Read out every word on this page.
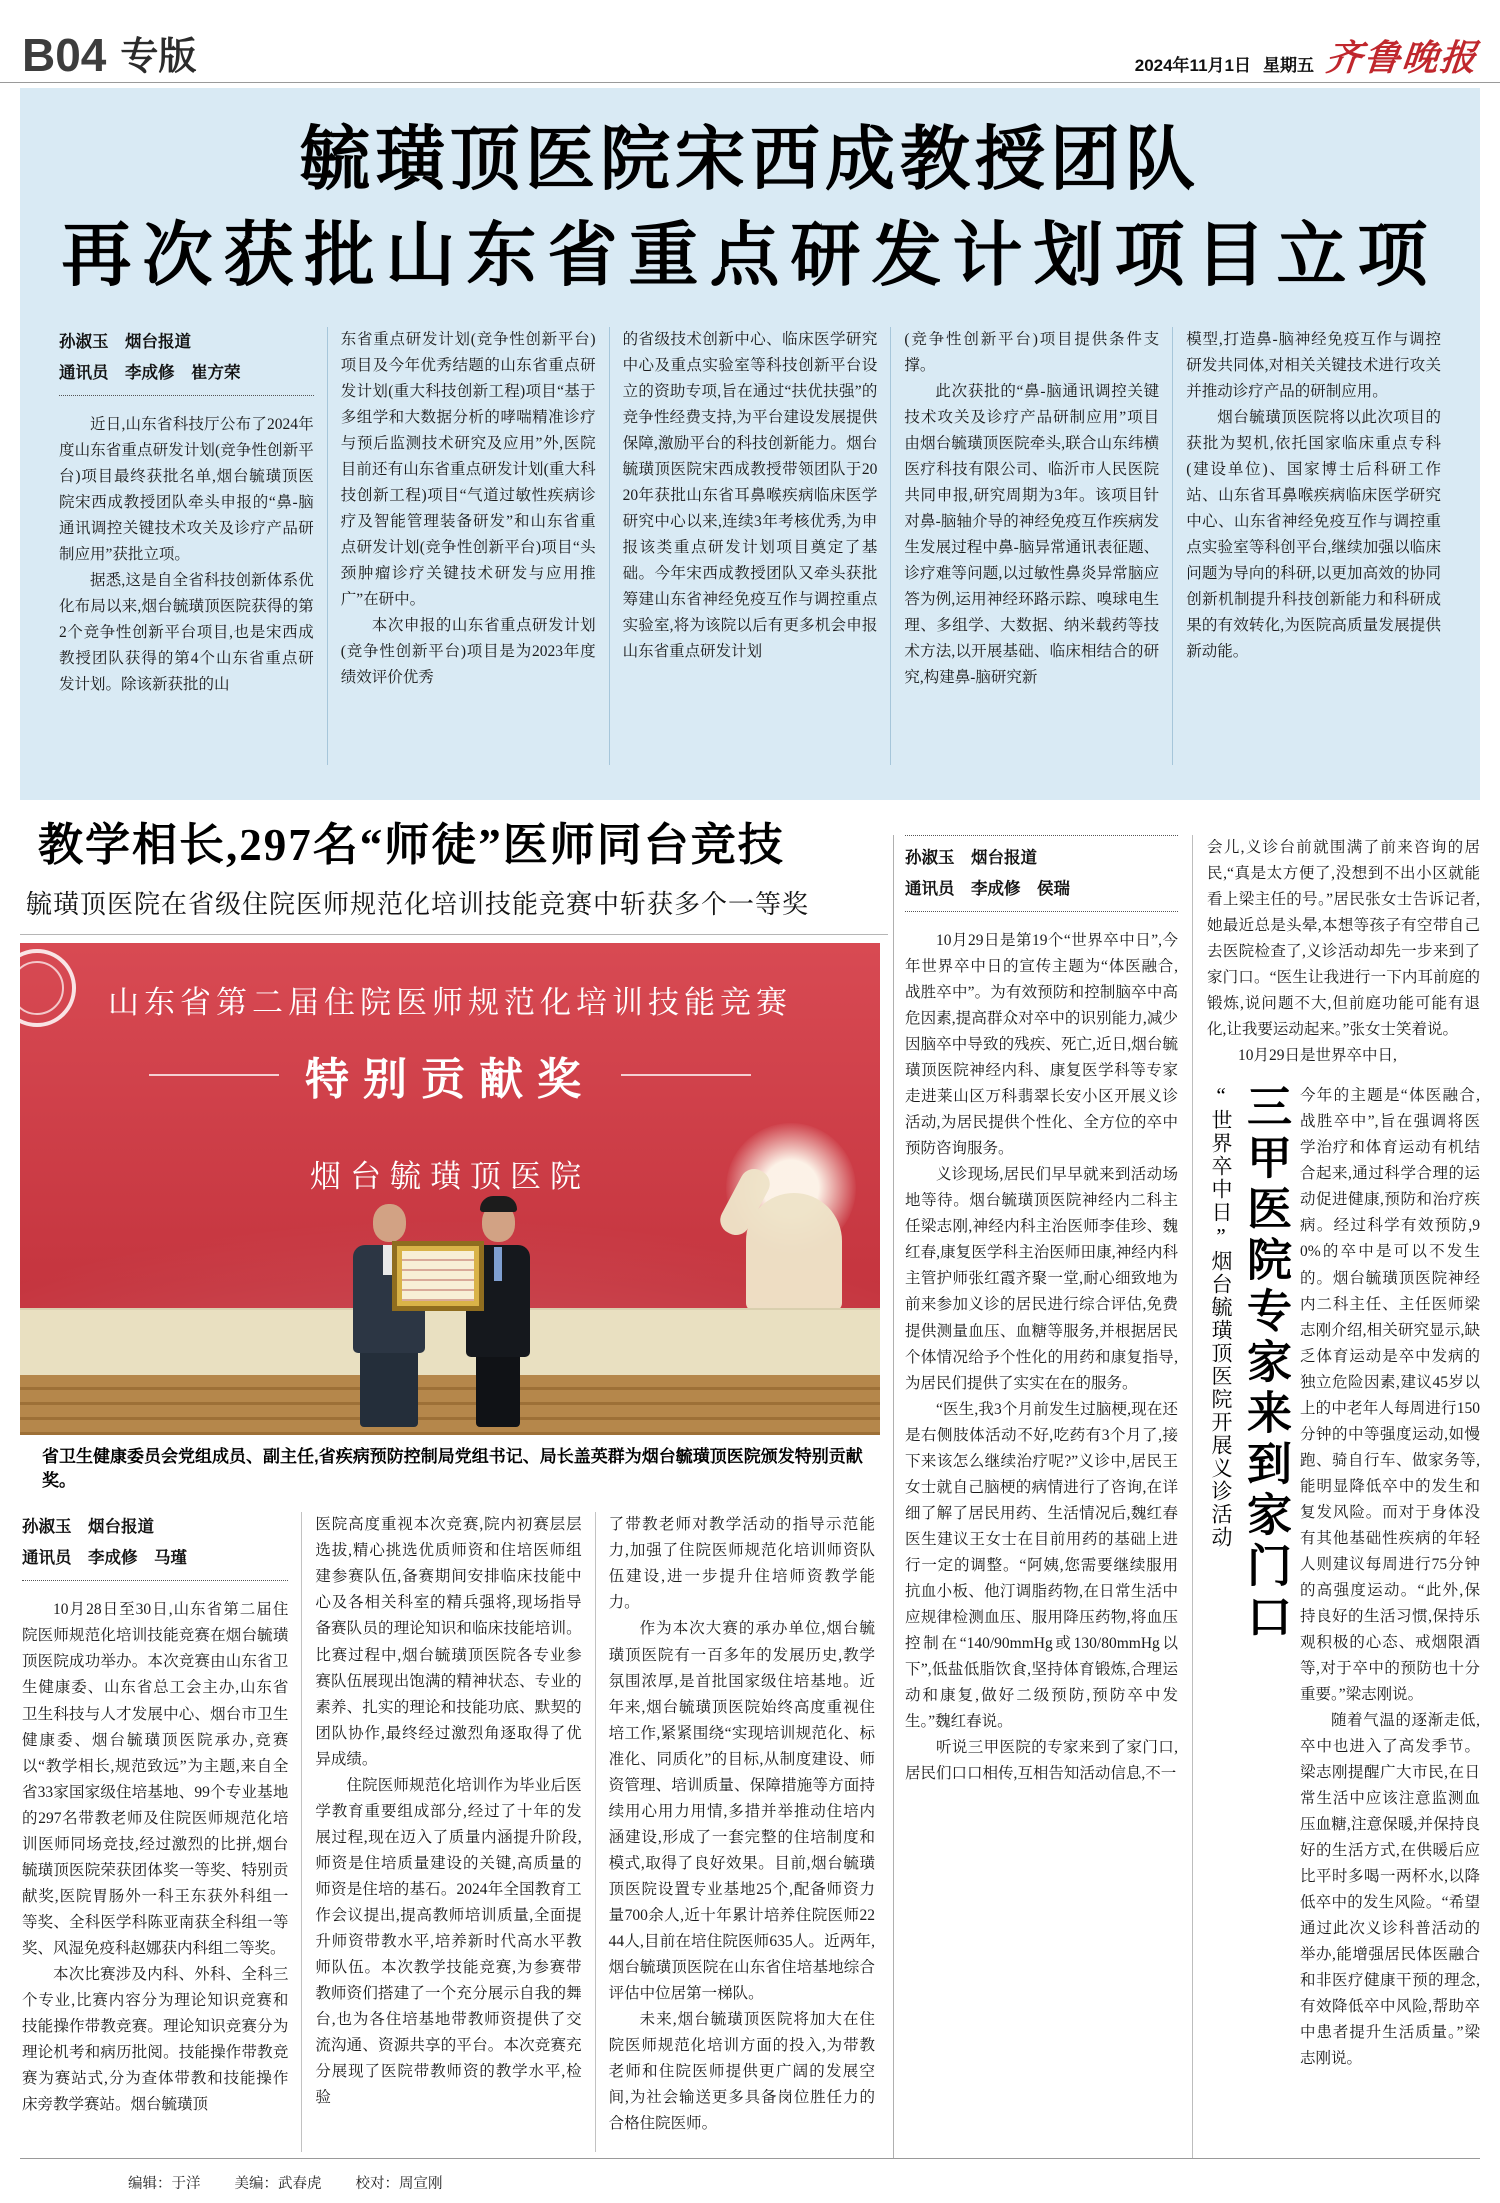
B04 专版	2024年11月1日 星期五 齐鲁晚报
毓璜顶医院宋西成教授团队
再次获批山东省重点研发计划项目立项
孙淑玉　烟台报道
通讯员　李成修　崔方荣

近日,山东省科技厅公布了2024年度山东省重点研发计划(竞争性创新平台)项目最终获批名单,烟台毓璜顶医院宋西成教授团队牵头申报的“鼻-脑通讯调控关键技术攻关及诊疗产品研制应用”获批立项。

据悉,这是自全省科技创新体系优化布局以来,烟台毓璜顶医院获得的第2个竞争性创新平台项目,也是宋西成教授团队获得的第4个山东省重点研发计划。除该新获批的山

东省重点研发计划(竞争性创新平台)项目及今年优秀结题的山东省重点研发计划(重大科技创新工程)项目“基于多组学和大数据分析的哮喘精准诊疗与预后监测技术研究及应用”外,医院目前还有山东省重点研发计划(重大科技创新工程)项目“气道过敏性疾病诊疗及智能管理装备研发”和山东省重点研发计划(竞争性创新平台)项目“头颈肿瘤诊疗关键技术研发与应用推广”在研中。

本次申报的山东省重点研发计划(竞争性创新平台)项目是为2023年度绩效评价优秀

的省级技术创新中心、临床医学研究中心及重点实验室等科技创新平台设立的资助专项,旨在通过“扶优扶强”的竞争性经费支持,为平台建设发展提供保障,激励平台的科技创新能力。烟台毓璜顶医院宋西成教授带领团队于2020年获批山东省耳鼻喉疾病临床医学研究中心以来,连续3年考核优秀,为申报该类重点研发计划项目奠定了基础。今年宋西成教授团队又牵头获批筹建山东省神经免疫互作与调控重点实验室,将为该院以后有更多机会申报山东省重点研发计划

(竞争性创新平台)项目提供条件支撑。

此次获批的“鼻-脑通讯调控关键技术攻关及诊疗产品研制应用”项目由烟台毓璜顶医院牵头,联合山东纬横医疗科技有限公司、临沂市人民医院共同申报,研究周期为3年。该项目针对鼻-脑轴介导的神经免疫互作疾病发生发展过程中鼻-脑异常通讯表征题、诊疗难等问题,以过敏性鼻炎异常脑应答为例,运用神经环路示踪、嗅球电生理、多组学、大数据、纳米载药等技术方法,以开展基础、临床相结合的研究,构建鼻-脑研究新

模型,打造鼻-脑神经免疫互作与调控研发共同体,对相关关键技术进行攻关并推动诊疗产品的研制应用。

烟台毓璜顶医院将以此次项目的获批为契机,依托国家临床重点专科(建设单位)、国家博士后科研工作站、山东省耳鼻喉疾病临床医学研究中心、山东省神经免疫互作与调控重点实验室等科创平台,继续加强以临床问题为导向的科研,以更加高效的协同创新机制提升科技创新能力和科研成果的有效转化,为医院高质量发展提供新动能。

教学相长,297名“师徒”医师同台竞技
毓璜顶医院在省级住院医师规范化培训技能竞赛中斩获多个一等奖
山东省第二届住院医师规范化培训技能竞赛
特别贡献奖
烟台毓璜顶医院
省卫生健康委员会党组成员、副主任,省疾病预防控制局党组书记、局长盖英群为烟台毓璜顶医院颁发特别贡献奖。
孙淑玉　烟台报道
通讯员　李成修　马瑾

10月28日至30日,山东省第二届住院医师规范化培训技能竞赛在烟台毓璜顶医院成功举办。本次竞赛由山东省卫生健康委、山东省总工会主办,山东省卫生科技与人才发展中心、烟台市卫生健康委、烟台毓璜顶医院承办,竞赛以“教学相长,规范致远”为主题,来自全省33家国家级住培基地、99个专业基地的297名带教老师及住院医师规范化培训医师同场竞技,经过激烈的比拼,烟台毓璜顶医院荣获团体奖一等奖、特别贡献奖,医院胃肠外一科王东获外科组一等奖、全科医学科陈亚南获全科组一等奖、风湿免疫科赵娜获内科组二等奖。

本次比赛涉及内科、外科、全科三个专业,比赛内容分为理论知识竞赛和技能操作带教竞赛。理论知识竞赛分为理论机考和病历批阅。技能操作带教竞赛为赛站式,分为查体带教和技能操作床旁教学赛站。烟台毓璜顶

医院高度重视本次竞赛,院内初赛层层选拔,精心挑选优质师资和住培医师组建参赛队伍,备赛期间安排临床技能中心及各相关科室的精兵强将,现场指导备赛队员的理论知识和临床技能培训。比赛过程中,烟台毓璜顶医院各专业参赛队伍展现出饱满的精神状态、专业的素养、扎实的理论和技能功底、默契的团队协作,最终经过激烈角逐取得了优异成绩。

住院医师规范化培训作为毕业后医学教育重要组成部分,经过了十年的发展过程,现在迈入了质量内涵提升阶段,师资是住培质量建设的关键,高质量的师资是住培的基石。2024年全国教育工作会议提出,提高教师培训质量,全面提升师资带教水平,培养新时代高水平教师队伍。本次教学技能竞赛,为参赛带教师资们搭建了一个充分展示自我的舞台,也为各住培基地带教师资提供了交流沟通、资源共享的平台。本次竞赛充分展现了医院带教师资的教学水平,检验

了带教老师对教学活动的指导示范能力,加强了住院医师规范化培训师资队伍建设,进一步提升住培师资教学能力。

作为本次大赛的承办单位,烟台毓璜顶医院有一百多年的发展历史,教学氛围浓厚,是首批国家级住培基地。近年来,烟台毓璜顶医院始终高度重视住培工作,紧紧围绕“实现培训规范化、标准化、同质化”的目标,从制度建设、师资管理、培训质量、保障措施等方面持续用心用力用情,多措并举推动住培内涵建设,形成了一套完整的住培制度和模式,取得了良好效果。目前,烟台毓璜顶医院设置专业基地25个,配备师资力量700余人,近十年累计培养住院医师2244人,目前在培住院医师635人。近两年,烟台毓璜顶医院在山东省住培基地综合评估中位居第一梯队。

未来,烟台毓璜顶医院将加大在住院医师规范化培训方面的投入,为带教老师和住院医师提供更广阔的发展空间,为社会输送更多具备岗位胜任力的合格住院医师。

孙淑玉　烟台报道
通讯员　李成修　侯瑞

10月29日是第19个“世界卒中日”,今年世界卒中日的宣传主题为“体医融合,战胜卒中”。为有效预防和控制脑卒中高危因素,提高群众对卒中的识别能力,减少因脑卒中导致的残疾、死亡,近日,烟台毓璜顶医院神经内科、康复医学科等专家走进莱山区万科翡翠长安小区开展义诊活动,为居民提供个性化、全方位的卒中预防咨询服务。

义诊现场,居民们早早就来到活动场地等待。烟台毓璜顶医院神经内二科主任梁志刚,神经内科主治医师李佳珍、魏红春,康复医学科主治医师田康,神经内科主管护师张红霞齐聚一堂,耐心细致地为前来参加义诊的居民进行综合评估,免费提供测量血压、血糖等服务,并根据居民个体情况给予个性化的用药和康复指导,为居民们提供了实实在在的服务。

“医生,我3个月前发生过脑梗,现在还是右侧肢体活动不好,吃药有3个月了,接下来该怎么继续治疗呢?”义诊中,居民王女士就自己脑梗的病情进行了咨询,在详细了解了居民用药、生活情况后,魏红春医生建议王女士在目前用药的基础上进行一定的调整。“阿姨,您需要继续服用抗血小板、他汀调脂药物,在日常生活中应规律检测血压、服用降压药物,将血压控制在“140/90mmHg或130/80mmHg以下”,低盐低脂饮食,坚持体育锻炼,合理运动和康复,做好二级预防,预防卒中发生。”魏红春说。

听说三甲医院的专家来到了家门口,居民们口口相传,互相告知活动信息,不一

会儿,义诊台前就围满了前来咨询的居民,“真是太方便了,没想到不出小区就能看上梁主任的号。”居民张女士告诉记者,她最近总是头晕,本想等孩子有空带自己去医院检查了,义诊活动却先一步来到了家门口。“医生让我进行一下内耳前庭的锻炼,说问题不大,但前庭功能可能有退化,让我要运动起来。”张女士笑着说。

10月29日是世界卒中日,

“世界卒中日”烟台毓璜顶医院开展义诊活动 三甲医院专家来到家门口 今年的主题是“体医融合,战胜卒中”,旨在强调将医学治疗和体育运动有机结合起来,通过科学合理的运动促进健康,预防和治疗疾病。经过科学有效预防,90%的卒中是可以不发生的。烟台毓璜顶医院神经内二科主任、主任医师梁志刚介绍,相关研究显示,缺乏体育运动是卒中发病的独立危险因素,建议45岁以上的中老年人每周进行150分钟的中等强度运动,如慢跑、骑自行车、做家务等,能明显降低卒中的发生和复发风险。而对于身体没有其他基础性疾病的年轻人则建议每周进行75分钟的高强度运动。“此外,保持良好的生活习惯,保持乐观积极的心态、戒烟限酒等,对于卒中的预防也十分重要。”梁志刚说。

随着气温的逐渐走低,卒中也进入了高发季节。梁志刚提醒广大市民,在日常生活中应该注意监测血压血糖,注意保暖,并保持良好的生活方式,在供暖后应比平时多喝一两杯水,以降低卒中的发生风险。“希望通过此次义诊科普活动的举办,能增强居民体医融合和非医疗健康干预的理念,有效降低卒中风险,帮助卒中患者提升生活质量。”梁志刚说。

编辑：于洋 美编：武春虎 校对：周宣刚
